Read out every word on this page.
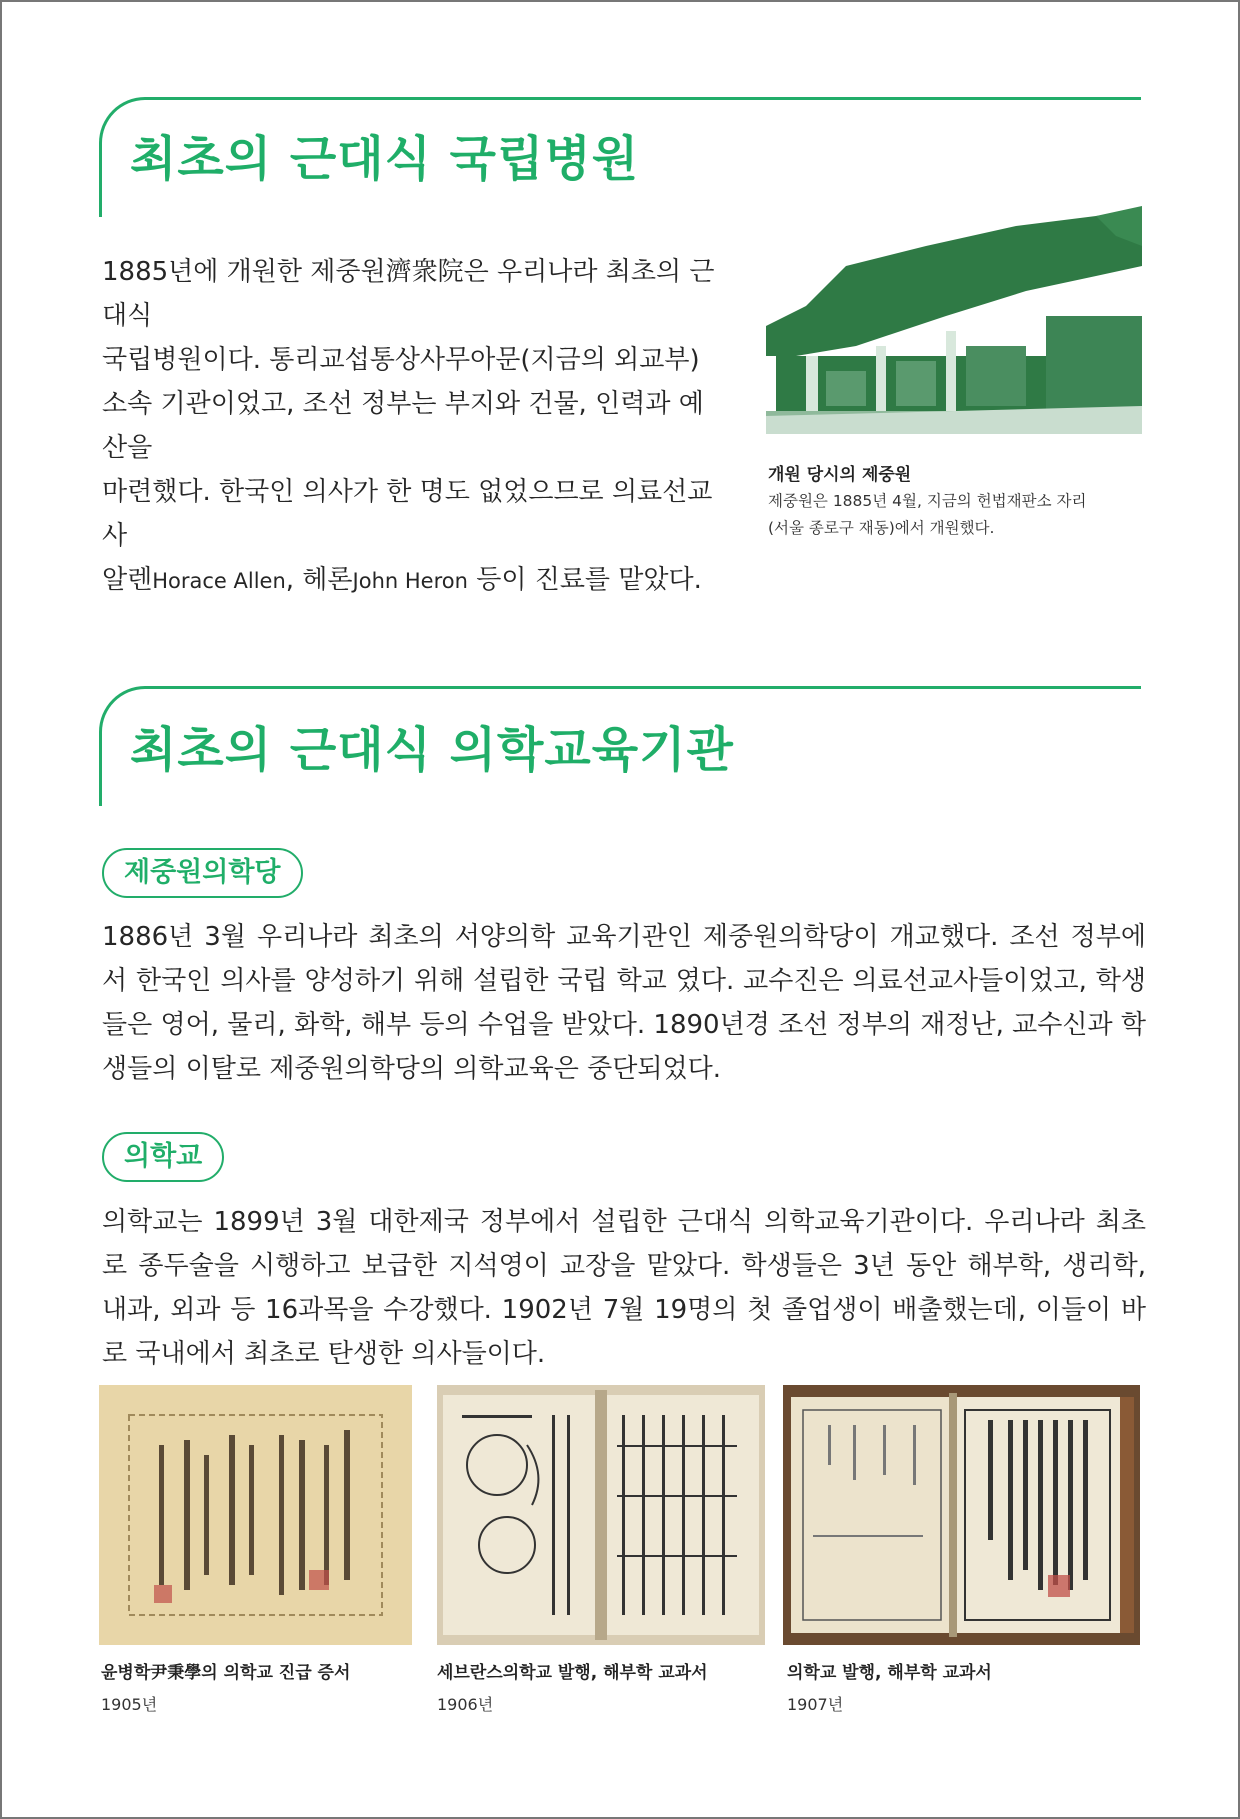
최초의 근대식 국립병원
1885년에 개원한 제중원濟衆院은 우리나라 최초의 근대식
국립병원이다. 통리교섭통상사무아문(지금의 외교부)
소속 기관이었고, 조선 정부는 부지와 건물, 인력과 예산을
마련했다. 한국인 의사가 한 명도 없었으므로 의료선교사
알렌Horace Allen, 헤론John Heron 등이 진료를 맡았다.
개원 당시의 제중원
제중원은 1885년 4월, 지금의 헌법재판소 자리
(서울 종로구 재동)에서 개원했다.
최초의 근대식 의학교육기관
제중원의학당
1886년 3월 우리나라 최초의 서양의학 교육기관인 제중원의학당이 개교했다. 조선 정부에서 한국인 의사를 양성하기 위해 설립한 국립 학교 였다. 교수진은 의료선교사들이었고, 학생들은 영어, 물리, 화학, 해부 등의 수업을 받았다. 1890년경 조선 정부의 재정난, 교수신과 학생들의 이탈로 제중원의학당의 의학교육은 중단되었다.
의학교
의학교는 1899년 3월 대한제국 정부에서 설립한 근대식 의학교육기관이다. 우리나라 최초로 종두술을 시행하고 보급한 지석영이 교장을 맡았다. 학생들은 3년 동안 해부학, 생리학, 내과, 외과 등 16과목을 수강했다. 1902년 7월 19명의 첫 졸업생이 배출했는데, 이들이 바로 국내에서 최초로 탄생한 의사들이다.
윤병학尹秉學의 의학교 진급 증서
1905년
세브란스의학교 발행, 해부학 교과서
1906년
의학교 발행, 해부학 교과서
1907년
